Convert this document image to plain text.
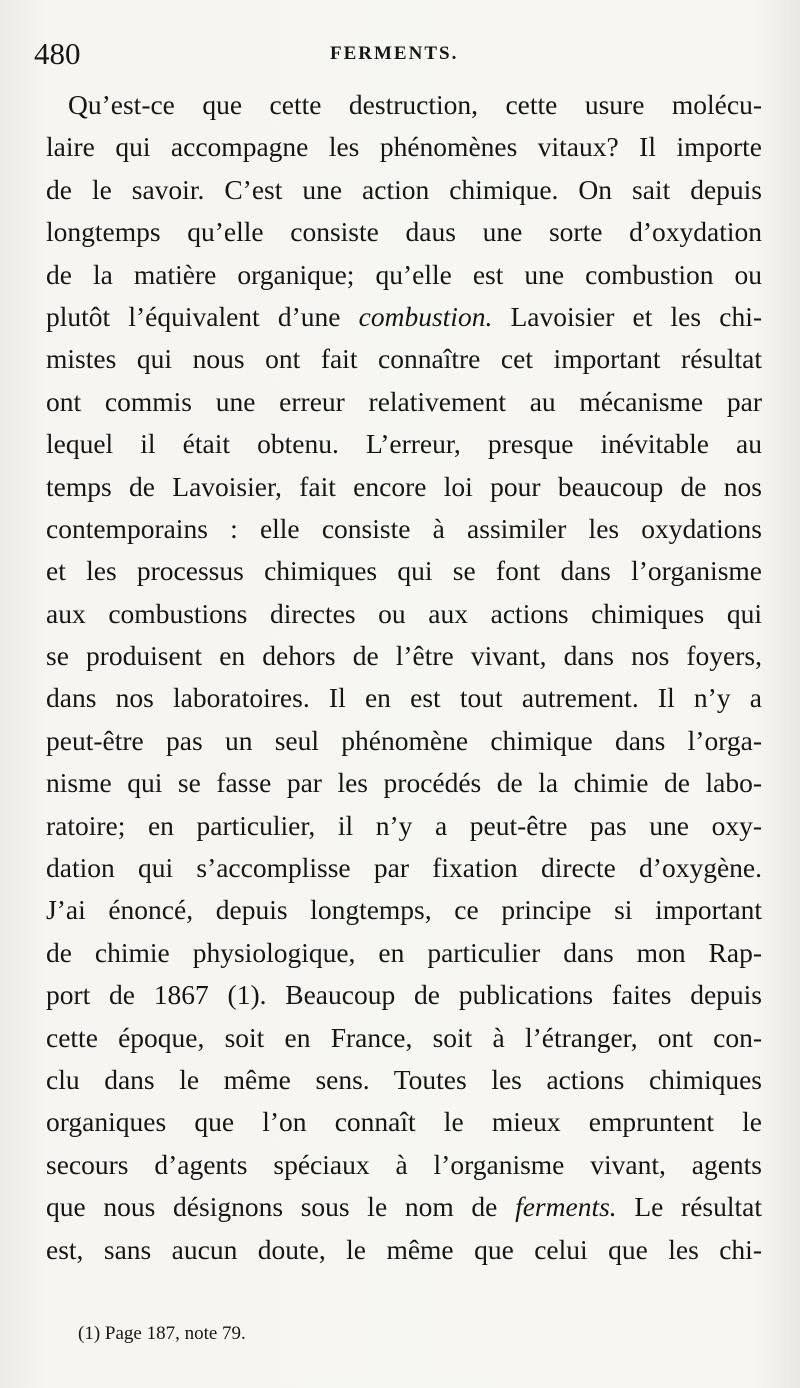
480	FERMENTS.
Qu’est-ce que cette destruction, cette usure molécu-
laire qui accompagne les phénomènes vitaux? Il importe
de le savoir. C’est une action chimique. On sait depuis
longtemps qu’elle consiste daus une sorte d’oxydation
de la matière organique; qu’elle est une combustion ou
plutôt l’équivalent d’une combustion. Lavoisier et les chi-
mistes qui nous ont fait connaître cet important résultat
ont commis une erreur relativement au mécanisme par
lequel il était obtenu. L’erreur, presque inévitable au
temps de Lavoisier, fait encore loi pour beaucoup de nos
contemporains : elle consiste à assimiler les oxydations
et les processus chimiques qui se font dans l’organisme
aux combustions directes ou aux actions chimiques qui
se produisent en dehors de l’être vivant, dans nos foyers,
dans nos laboratoires. Il en est tout autrement. Il n’y a
peut-être pas un seul phénomène chimique dans l’orga-
nisme qui se fasse par les procédés de la chimie de labo-
ratoire; en particulier, il n’y a peut-être pas une oxy-
dation qui s’accomplisse par fixation directe d’oxygène.
J’ai énoncé, depuis longtemps, ce principe si important
de chimie physiologique, en particulier dans mon Rap-
port de 1867 (1). Beaucoup de publications faites depuis
cette époque, soit en France, soit à l’étranger, ont con-
clu dans le même sens. Toutes les actions chimiques
organiques que l’on connaît le mieux empruntent le
secours d’agents spéciaux à l’organisme vivant, agents
que nous désignons sous le nom de ferments. Le résultat
est, sans aucun doute, le même que celui que les chi-
(1) Page 187, note 79.
